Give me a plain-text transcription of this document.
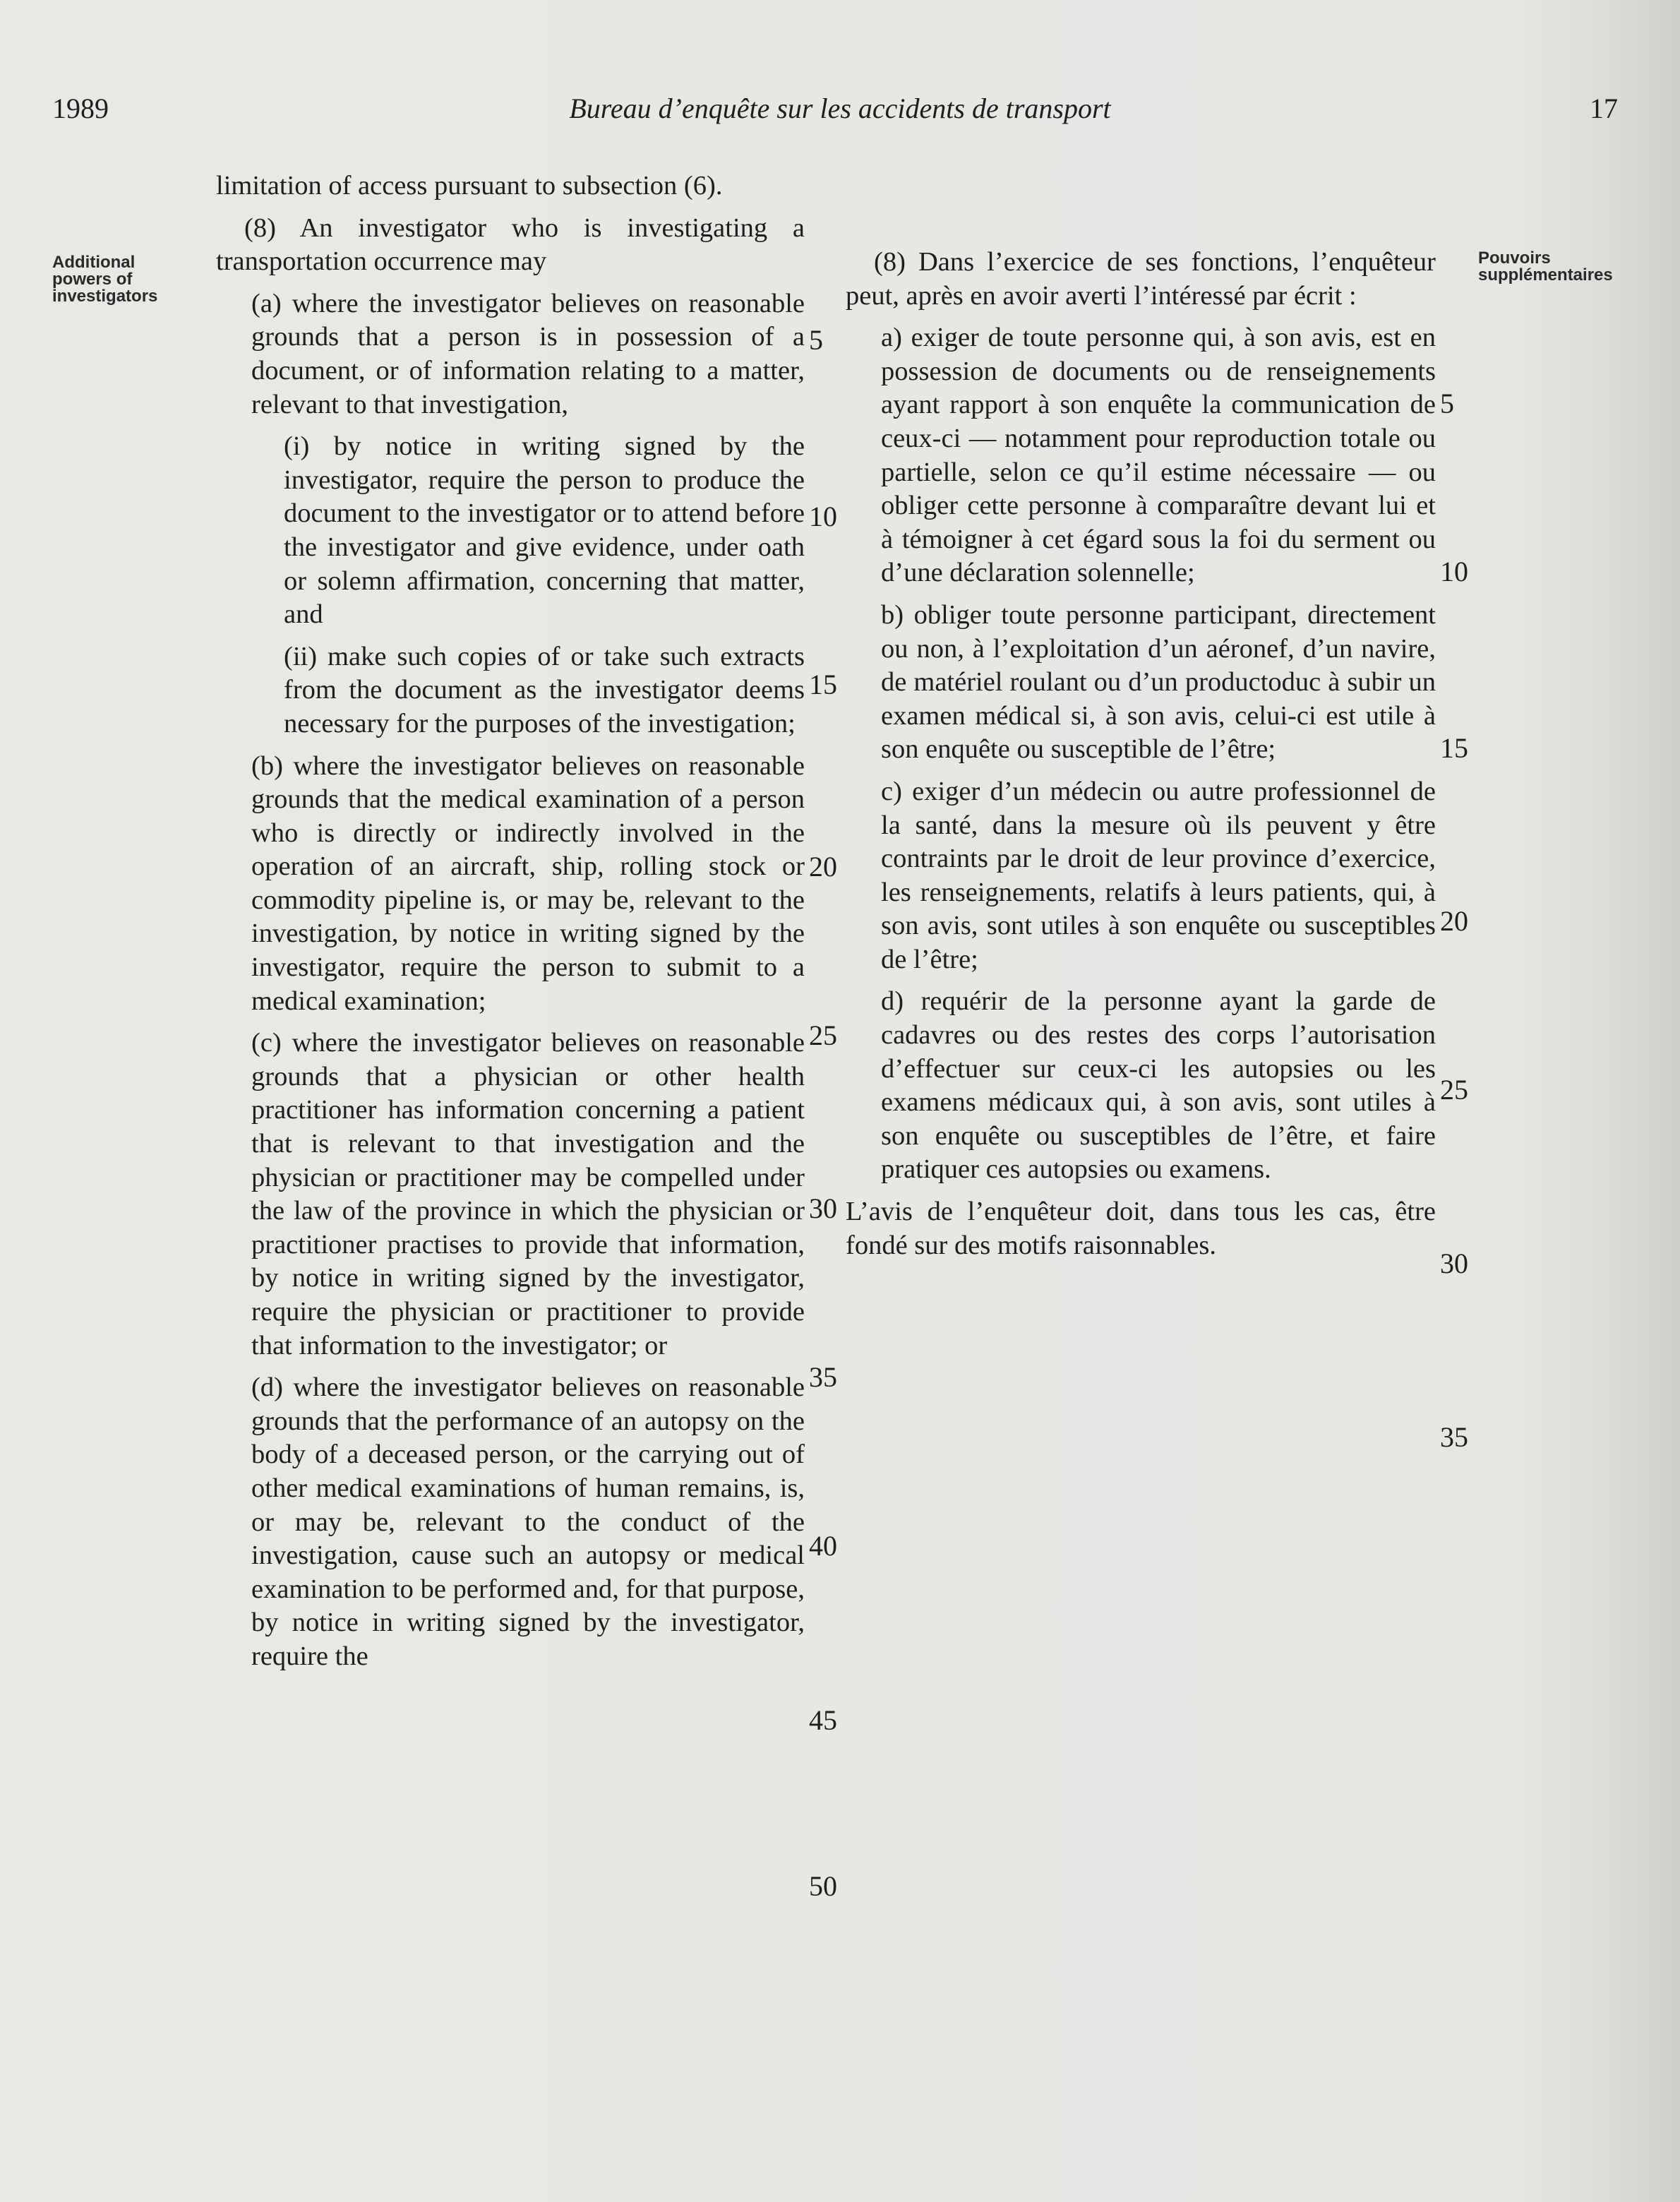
1989	Bureau d’enquête sur les accidents de transport	17
Additional powers of investigators
Pouvoirs supplémentaires

limitation of access pursuant to subsection (6).

(8) An investigator who is investigating a transportation occurrence may

(a) where the investigator believes on reasonable grounds that a person is in possession of a document, or of information relating to a matter, relevant to that investigation,

(i) by notice in writing signed by the investigator, require the person to produce the document to the investigator or to attend before the investigator and give evidence, under oath or solemn affirmation, concerning that matter, and

(ii) make such copies of or take such extracts from the document as the investigator deems necessary for the purposes of the investigation;

(b) where the investigator believes on reasonable grounds that the medical examination of a person who is directly or indirectly involved in the operation of an aircraft, ship, rolling stock or commodity pipeline is, or may be, relevant to the investigation, by notice in writing signed by the investigator, require the person to submit to a medical examination;

(c) where the investigator believes on reasonable grounds that a physician or other health practitioner has information concerning a patient that is relevant to that investigation and the physician or practitioner may be compelled under the law of the province in which the physician or practitioner practises to provide that information, by notice in writing signed by the investigator, require the physician or practitioner to provide that information to the investigator; or

(d) where the investigator believes on reasonable grounds that the performance of an autopsy on the body of a deceased person, or the carrying out of other medical examinations of human remains, is, or may be, relevant to the conduct of the investigation, cause such an autopsy or medical examination to be performed and, for that purpose, by notice in writing signed by the investigator, require the

(8) Dans l’exercice de ses fonctions, l’enquêteur peut, après en avoir averti l’intéressé par écrit :

a) exiger de toute personne qui, à son avis, est en possession de documents ou de renseignements ayant rapport à son enquête la communication de ceux-ci — notamment pour reproduction totale ou partielle, selon ce qu’il estime nécessaire — ou obliger cette personne à comparaître devant lui et à témoigner à cet égard sous la foi du serment ou d’une déclaration solennelle;

b) obliger toute personne participant, directement ou non, à l’exploitation d’un aéronef, d’un navire, de matériel roulant ou d’un productoduc à subir un examen médical si, à son avis, celui-ci est utile à son enquête ou susceptible de l’être;

c) exiger d’un médecin ou autre professionnel de la santé, dans la mesure où ils peuvent y être contraints par le droit de leur province d’exercice, les renseignements, relatifs à leurs patients, qui, à son avis, sont utiles à son enquête ou susceptibles de l’être;

d) requérir de la personne ayant la garde de cadavres ou des restes des corps l’autorisation d’effectuer sur ceux-ci les autopsies ou les examens médicaux qui, à son avis, sont utiles à son enquête ou susceptibles de l’être, et faire pratiquer ces autopsies ou examens.

L’avis de l’enquêteur doit, dans tous les cas, être fondé sur des motifs raisonnables.

5
10
15
20
25
30
35
40
45
50
5
10
15
20
25
30
35
